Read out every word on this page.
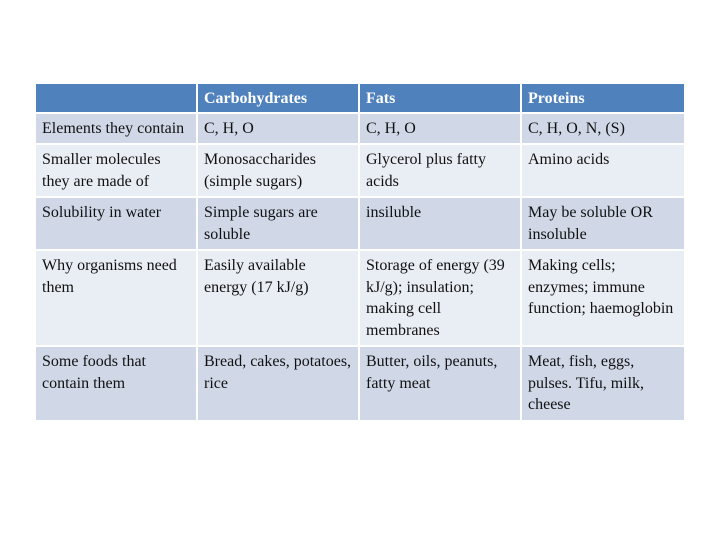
	Carbohydrates	Fats	Proteins
Elements they contain	C, H, O	C, H, O	C, H, O, N, (S)
Smaller molecules they are made of	Monosaccharides (simple sugars)	Glycerol plus fatty acids	Amino acids
Solubility in water	Simple sugars are soluble	insiluble	May be soluble OR insoluble
Why organisms need them	Easily available energy (17 kJ/g)	Storage of energy (39 kJ/g); insulation; making cell membranes	Making cells; enzymes; immune function; haemoglobin
Some foods that contain them	Bread, cakes, potatoes, rice	Butter, oils, peanuts, fatty meat	Meat, fish, eggs, pulses. Tifu, milk, cheese
